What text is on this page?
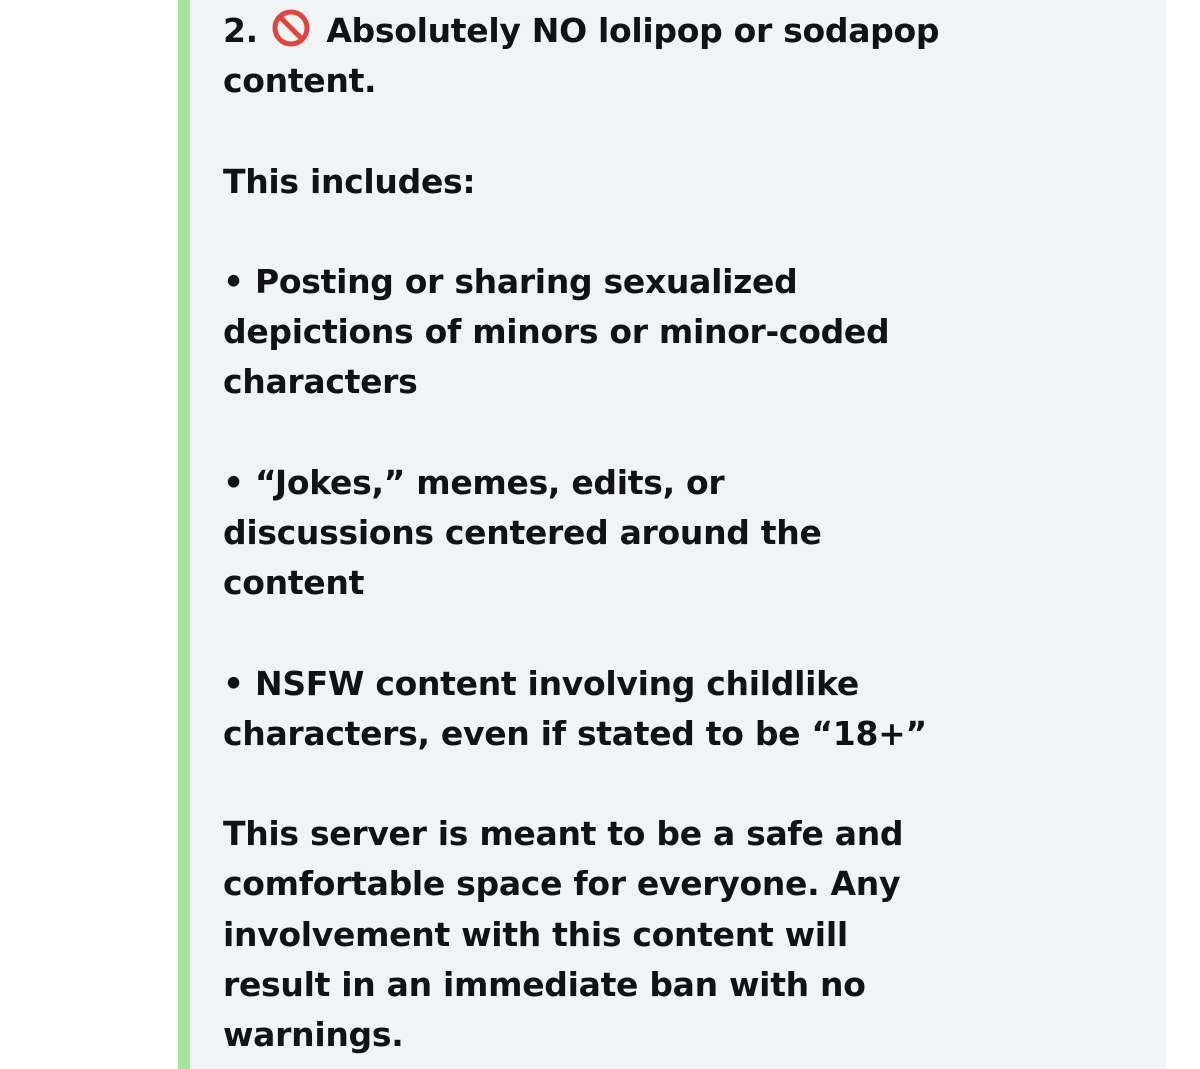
2. Absolutely NO lolipop or sodapop content.

This includes:

• Posting or sharing sexualized depictions of minors or minor-coded characters

• “Jokes,” memes, edits, or discussions centered around the content

• NSFW content involving childlike characters, even if stated to be “18+”

This server is meant to be a safe and comfortable space for everyone. Any involvement with this content will result in an immediate ban with no warnings.
